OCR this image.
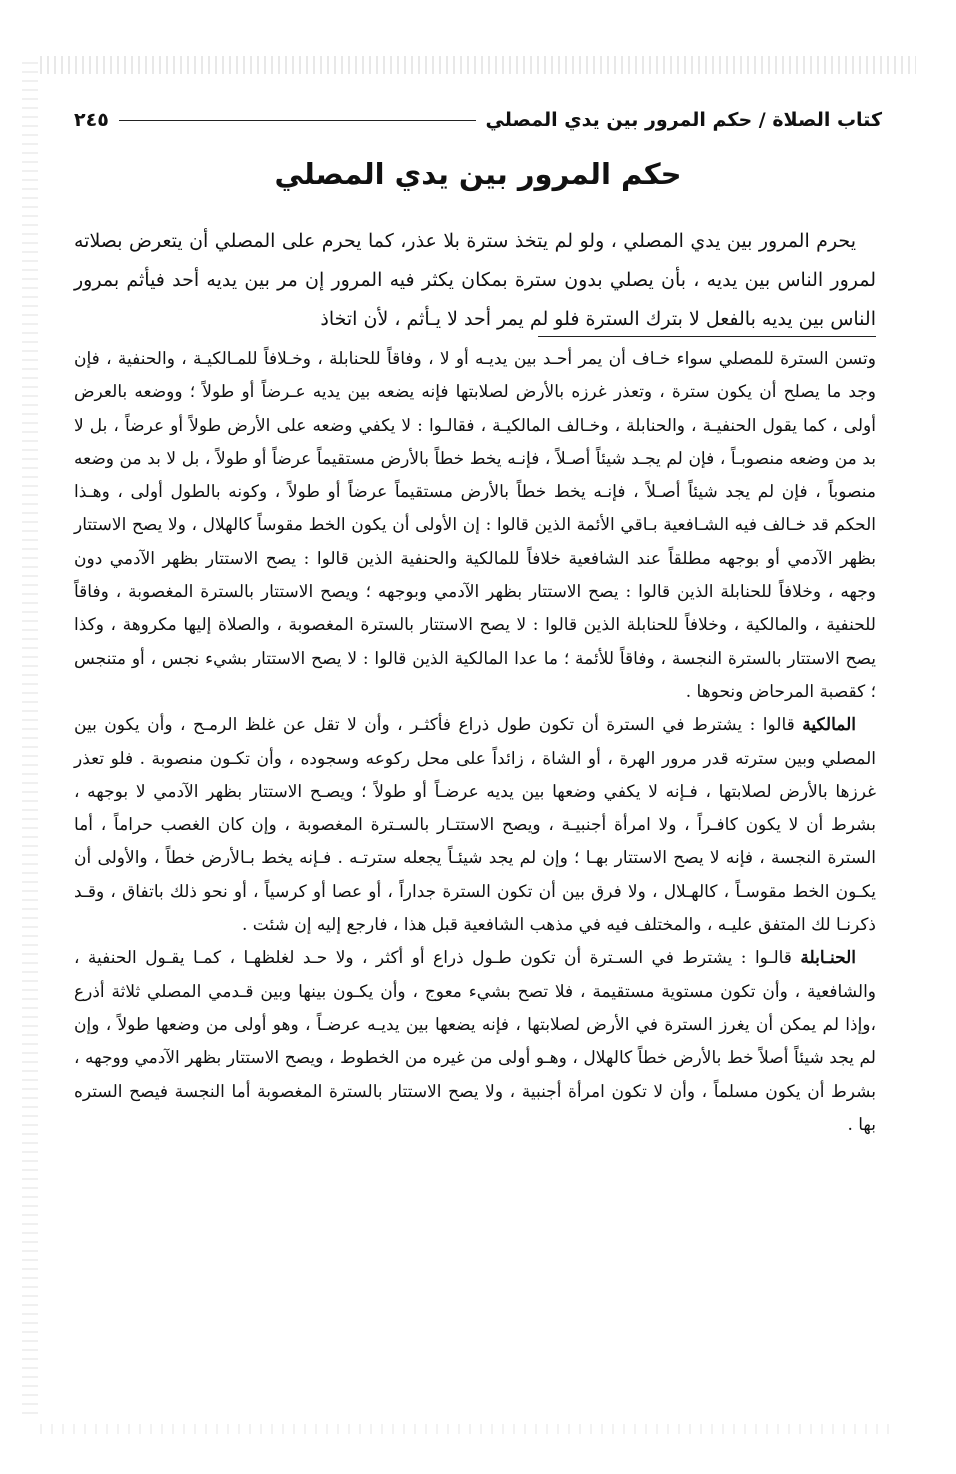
كتاب الصلاة / حكم المرور بين يدي المصلي
٢٤٥
حكم المرور بين يدي المصلي

يحرم المرور بين يدي المصلي ، ولو لم يتخذ سترة بلا عذر، كما يحرم على المصلي أن يتعرض بصلاته لمرور الناس بين يديه ، بأن يصلي بدون سترة بمكان يكثر فيه المرور إن مر بين يديه أحد فيأثم بمرور الناس بين يديه بالفعل لا بترك السترة فلو لم يمر أحد لا يـأثم ، لأن اتخاذ

وتسن السترة للمصلي سواء خـاف أن يمر أحـد بين يديـه أو لا ، وفاقاً للحنابلة ، وخـلافاً للمـالكيـة ، والحنفية ، فإن وجد ما يصلح أن يكون سترة ، وتعذر غرزه بالأرض لصلابتها فإنه يضعه بين يديه عـرضاً أو طولاً ؛ ووضعه بالعرض أولى ، كما يقول الحنفيـة ، والحنابلة ، وخـالف المالكيـة ، فقالـوا : لا يكفي وضعه على الأرض طولاً أو عرضاً ، بل لا بد من وضعه منصوبـاً ، فإن لم يجـد شيئاً أصـلاً ، فإنـه يخط خطاً بالأرض مستقيماً عرضاً أو طولاً ، بل لا بد من وضعه منصوباً ، فإن لم يجد شيئاً أصـلاً ، فإنـه يخط خطاً بالأرض مستقيماً عرضاً أو طولاً ، وكونه بالطول أولى ، وهـذا الحكم قد خـالف فيه الشـافعية بـاقي الأئمة الذين قالوا : إن الأولى أن يكون الخط مقوساً كالهلال ، ولا يصح الاستتار بظهر الآدمي أو بوجهه مطلقاً عند الشافعية خلافاً للمالكية والحنفية الذين قالوا : يصح الاستتار بظهر الآدمي دون وجهه ، وخلافاً للحنابلة الذين قالوا : يصح الاستتار بظهر الآدمي وبوجهه ؛ ويصح الاستتار بالسترة المغصوبة ، وفاقاً للحنفية ، والمالكية ، وخلافاً للحنابلة الذين قالوا : لا يصح الاستتار بالسترة المغصوبة ، والصلاة إليها مكروهة ، وكذا يصح الاستتار بالسترة النجسة ، وفاقاً للأئمة ؛ ما عدا المالكية الذين قالوا : لا يصح الاستتار بشيء نجس ، أو متنجس ؛ كقصبة المرحاض ونحوها .

المالكية قالوا : يشترط في السترة أن تكون طول ذراع فأكثـر ، وأن لا تقل عن غلظ الرمـح ، وأن يكون بين المصلي وبين سترته قدر مرور الهرة ، أو الشاة ، زائداً على محل ركوعه وسجوده ، وأن تكـون منصوبة . فلو تعذر غرزها بالأرض لصلابتها ، فـإنه لا يكفي وضعها بين يديه عرضـاً أو طولاً ؛ ويصـح الاستتار بظهر الآدمي لا بوجهه ، بشرط أن لا يكون كافـراً ، ولا امرأة أجنبيـة ، ويصح الاستتـار بالسـترة المغصوبة ، وإن كان الغصب حراماً ، أما السترة النجسة ، فإنه لا يصح الاستتار بهـا ؛ وإن لم يجد شيئـاً يجعله سترتـه . فـإنه يخط بـالأرض خطاً ، والأولى أن يكـون الخط مقوسـاً ، كالهـلال ، ولا فرق بين أن تكون السترة جداراً ، أو عصا أو كرسياً ، أو نحو ذلك باتفاق ، وقـد ذكرنـا لك المتفق عليـه ، والمختلف فيه في مذهب الشافعية قبل هذا ، فارجع إليه إن شئت .

الحنـابلة قالـوا : يشترط في السـترة أن تكون طـول ذراع أو أكثر ، ولا حـد لغلظهـا ، كمـا يقـول الحنفية ، والشافعية ، وأن تكون مستوية مستقيمة ، فلا تصح بشيء معوج ، وأن يكـون بينها وبين قـدمي المصلي ثلاثة أذرع ،وإذا لم يمكن أن يغرز السترة في الأرض لصلابتها ، فإنه يضعها بين يديـه عرضـاً ، وهو أولى من وضعها طولاً ، وإن لم يجد شيئاً أصلاً خط بالأرض خطاً كالهلال ، وهـو أولى من غيره من الخطوط ، ويصح الاستتار بظهر الآدمي ووجهه ، بشرط أن يكون مسلماً ، وأن لا تكون امرأة أجنبية ، ولا يصح الاستتار بالسترة المغصوبة أما النجسة فيصح الستره بها .
